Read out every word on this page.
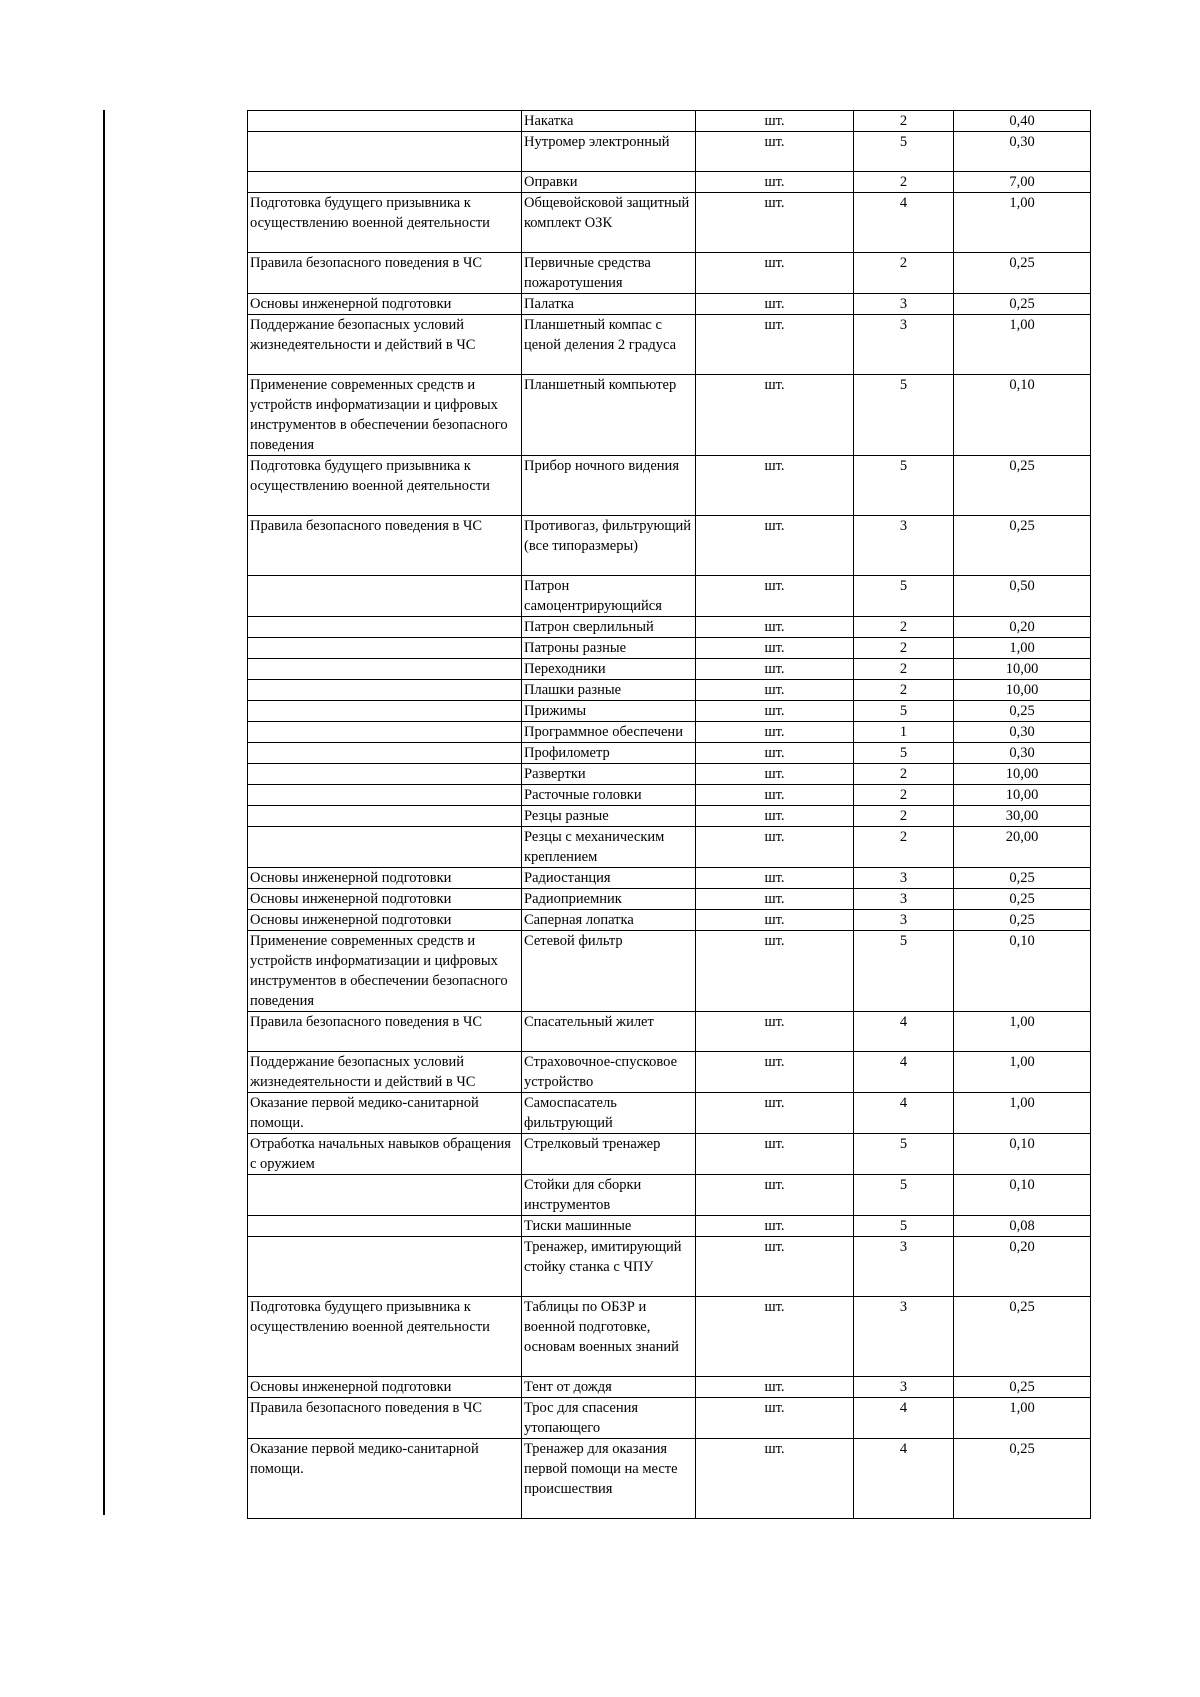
	Накатка	шт.	2	0,40
	Нутромер электронный	шт.	5	0,30
	Оправки	шт.	2	7,00
Подготовка будущего призывника к осуществлению военной деятельности	Общевойсковой защитный комплект ОЗК	шт.	4	1,00
Правила безопасного поведения в ЧС	Первичные средства пожаротушения	шт.	2	0,25
Основы инженерной подготовки	Палатка	шт.	3	0,25
Поддержание безопасных условий жизнедеятельности и действий в ЧС	Планшетный компас с ценой деления 2 градуса	шт.	3	1,00
Применение современных средств и устройств информатизации и цифровых инструментов в обеспечении безопасного поведения	Планшетный компьютер	шт.	5	0,10
Подготовка будущего призывника к осуществлению военной деятельности	Прибор ночного видения	шт.	5	0,25
Правила безопасного поведения в ЧС	Противогаз, фильтрующий (все типоразмеры)	шт.	3	0,25
	Патрон самоцентрирующийся	шт.	5	0,50
	Патрон сверлильный	шт.	2	0,20
	Патроны разные	шт.	2	1,00
	Переходники	шт.	2	10,00
	Плашки разные	шт.	2	10,00
	Прижимы	шт.	5	0,25
	Программное обеспечени	шт.	1	0,30
	Профилометр	шт.	5	0,30
	Развертки	шт.	2	10,00
	Расточные головки	шт.	2	10,00
	Резцы разные	шт.	2	30,00
	Резцы с механическим креплением	шт.	2	20,00
Основы инженерной подготовки	Радиостанция	шт.	3	0,25
Основы инженерной подготовки	Радиоприемник	шт.	3	0,25
Основы инженерной подготовки	Саперная лопатка	шт.	3	0,25
Применение современных средств и устройств информатизации и цифровых инструментов в обеспечении безопасного поведения	Сетевой фильтр	шт.	5	0,10
Правила безопасного поведения в ЧС	Спасательный жилет	шт.	4	1,00
Поддержание безопасных условий жизнедеятельности и действий в ЧС	Страховочное-спусковое устройство	шт.	4	1,00
Оказание первой медико-санитарной помощи.	Самоспасатель фильтрующий	шт.	4	1,00
Отработка начальных навыков обращения с оружием	Стрелковый тренажер	шт.	5	0,10
	Стойки для сборки инструментов	шт.	5	0,10
	Тиски машинные	шт.	5	0,08
	Тренажер, имитирующий стойку станка с ЧПУ	шт.	3	0,20
Подготовка будущего призывника к осуществлению военной деятельности	Таблицы по ОБЗР и военной подготовке, основам военных знаний	шт.	3	0,25
Основы инженерной подготовки	Тент от дождя	шт.	3	0,25
Правила безопасного поведения в ЧС	Трос для спасения утопающего	шт.	4	1,00
Оказание первой медико-санитарной помощи.	Тренажер для оказания первой помощи на месте происшествия	шт.	4	0,25
